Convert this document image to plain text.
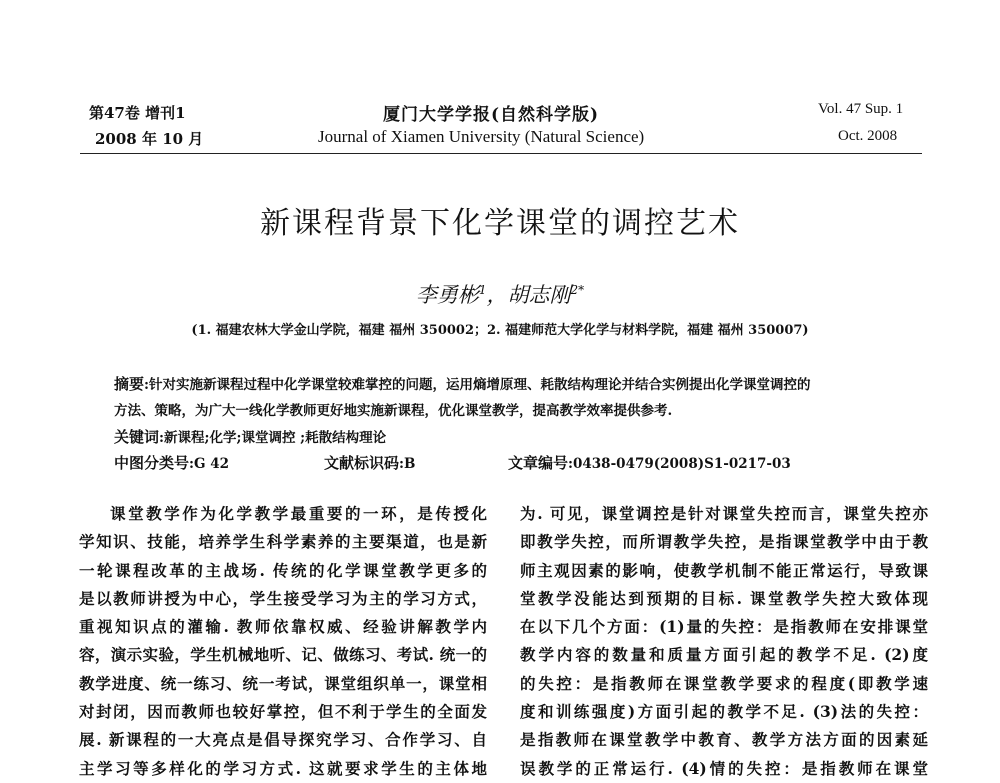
第47卷 增刊1
2008 年 10 月
厦门大学学报(自然科学版)
Journal of Xiamen University (Natural Science)
Vol. 47 Sup. 1
Oct. 2008
新课程背景下化学课堂的调控艺术
李勇彬$^1$，胡志刚$^{2*}$
(1. 福建农林大学金山学院，福建 福州 350002；2. 福建师范大学化学与材料学院，福建 福州 350007)
摘要:针对实施新课程过程中化学课堂较难掌控的问题，运用熵增原理、耗散结构理论并结合实例提出化学课堂调控的
方法、策略，为广大一线化学教师更好地实施新课程，优化课堂教学，提高教学效率提供参考.
关键词:新课程;化学;课堂调控 ;耗散结构理论
中图分类号:G 42	文献标识码:B	文章编号:0438-0479(2008)S1-0217-03

课堂教学作为化学教学最重要的一环，是传授化

学知识、技能，培养学生科学素养的主要渠道，也是新

一轮课程改革的主战场. 传统的化学课堂教学更多的

是以教师讲授为中心，学生接受学习为主的学习方式，

重视知识点的灌输. 教师依靠权威、经验讲解教学内

容，演示实验，学生机械地听、记、做练习、考试. 统一的

教学进度、统一练习、统一考试，课堂组织单一，课堂相

对封闭，因而教师也较好掌控，但不利于学生的全面发

展. 新课程的一大亮点是倡导探究学习、合作学习、自

主学习等多样化的学习方式. 这就要求学生的主体地

为. 可见，课堂调控是针对课堂失控而言，课堂失控亦

即教学失控，而所谓教学失控，是指课堂教学中由于教

师主观因素的影响，使教学机制不能正常运行，导致课

堂教学没能达到预期的目标. 课堂教学失控大致体现

在以下几个方面：(1)量的失控：是指教师在安排课堂

教学内容的数量和质量方面引起的教学不足. (2)度

的失控：是指教师在课堂教学要求的程度(即教学速

度和训练强度)方面引起的教学不足. (3)法的失控：

是指教师在课堂教学中教育、教学方法方面的因素延

误教学的正常运行. (4)情的失控：是指教师在课堂
